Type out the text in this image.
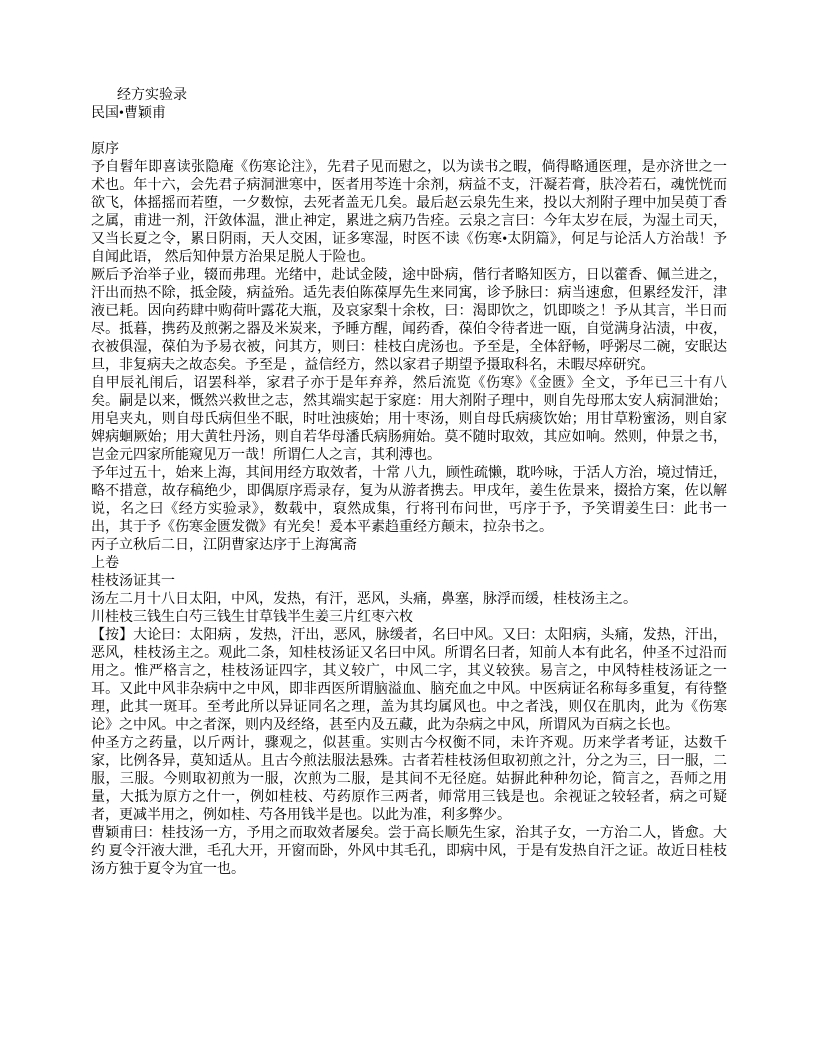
经方实验录
民国•曹颖甫
原序

予自髫年即喜读张隐庵《伤寒论注》，先君子见而慰之，以为读书之暇，倘得略通医理，是亦济世之一术也。年十六，会先君子病洞泄寒中，医者用芩连十余剂，病益不支，汗凝若膏，肤冷若石，魂恍恍而欲飞，体摇摇而若堕，一夕数惊，去死者盖无几矣。最后赵云泉先生来，投以大剂附子理中加吴萸丁香之属，甫进一剂，汗敛体温，泄止神定，累进之病乃告痊。云泉之言曰：今年太岁在辰，为湿土司天，又当长夏之令，累日阴雨，天人交困，证多寒湿，时医不读《伤寒•太阴篇》，何足与论活人方治哉！予自闻此语， 然后知仲景方治果足脱人于险也。

厥后予治举子业，辍而弗理。光绪中，赴试金陵，途中卧病，偕行者略知医方，日以藿香、佩兰进之，汗出而热不除，抵金陵，病益殆。适先表伯陈葆厚先生来同寓，诊予脉曰：病当速愈，但累经发汗，津液已耗。因向药肆中购荷叶露花大瓶，及哀家梨十余枚，曰：渴即饮之，饥即啖之！予从其言，半日而尽。抵暮，携药及煎粥之器及米炭来，予睡方醒，闻药香，葆伯令待者进一瓯，自觉满身沾渍，中夜，衣被俱湿，葆伯为予易衣被，问其方，则曰：桂枝白虎汤也。予至是，全体舒畅，呼粥尽二碗，安眠达旦，非复病夫之故态矣。予至是 ，益信经方，然以家君子期望予摄取科名，未暇尽瘁研究。

自甲辰礼闱后，诏罢科举，家君子亦于是年弃养，然后流览《伤寒》《金匮》全文，予年已三十有八矣。嗣是以来，慨然兴救世之志，然其端实起于家庭：用大剂附子理中，则自先母邢太安人病洞泄始；用皂夹丸，则自母氏病但坐不眠，时吐浊痰始；用十枣汤，则自母氏病痰饮始；用甘草粉蜜汤，则自家婢病蛔厥始；用大黄牡丹汤，则自若华母潘氏病肠痈始。莫不随时取效，其应如响。然则，仲景之书，岂金元四家所能窥见万一哉！所谓仁人之言，其利溥也。

予年过五十，始来上海，其间用经方取效者，十常 八九，顾性疏懒，耽吟咏，于活人方治，境过情迁，略不措意，故存稿绝少，即偶原序焉录存，复为从游者携去。甲戌年，姜生佐景来，掇拾方案，佐以解说，名之曰《经方实验录》，数载中，裒然成集，行将刊布问世，丐序于予，予笑谓姜生曰：此书一出，其于予《伤寒金匮发微》有光矣！爰本平素趋重经方颠末，拉杂书之。

丙子立秋后二日，江阴曹家达序于上海寓斋
上卷
桂枝汤证其一

汤左二月十八日太阳，中风，发热，有汗，恶风，头痛，鼻塞，脉浮而缓，桂枝汤主之。

川桂枝三钱生白芍三钱生甘草钱半生姜三片红枣六枚

【按】大论曰：太阳病 ，发热，汗出，恶风，脉缓者，名曰中风。又曰：太阳病，头痛，发热，汗出，恶风，桂枝汤主之。观此二条，知桂枝汤证又名曰中风。所谓名曰者，知前人本有此名，仲圣不过沿而用之。惟严格言之，桂枝汤证四字，其义较广，中风二字，其义较狭。易言之，中风特桂枝汤证之一耳。又此中风非杂病中之中风，即非西医所谓脑溢血、脑充血之中风。中医病证名称每多重复，有待整理，此其一斑耳。至考此所以异证同名之理，盖为其均属风也。中之者浅，则仅在肌肉，此为《伤寒论》之中风。中之者深，则内及经络，甚至内及五藏，此为杂病之中风，所谓风为百病之长也。

仲圣方之药量，以斤两计，骤观之，似甚重。实则古今权衡不同，未许齐观。历来学者考证，达数千家，比例各异，莫知适从。且古今煎法服法悬殊。古者若桂枝汤但取初煎之汁，分之为三，曰一服，二服，三服。今则取初煎为一服，次煎为二服，是其间不无径庭。姑摒此种种勿论，简言之，吾师之用量，大抵为原方之什一，例如桂枝、芍药原作三两者，师常用三钱是也。余视证之较轻者，病之可疑者，更减半用之，例如桂、芍各用钱半是也。以此为准，利多弊少。

曹颖甫曰：桂技汤一方，予用之而取效者屡矣。尝于高长顺先生家，治其子女，一方治二人，皆愈。大约 夏令汗液大泄，毛孔大开，开窗而卧，外风中其毛孔，即病中风，于是有发热自汗之证。故近日桂枝汤方独于夏令为宜一也。
